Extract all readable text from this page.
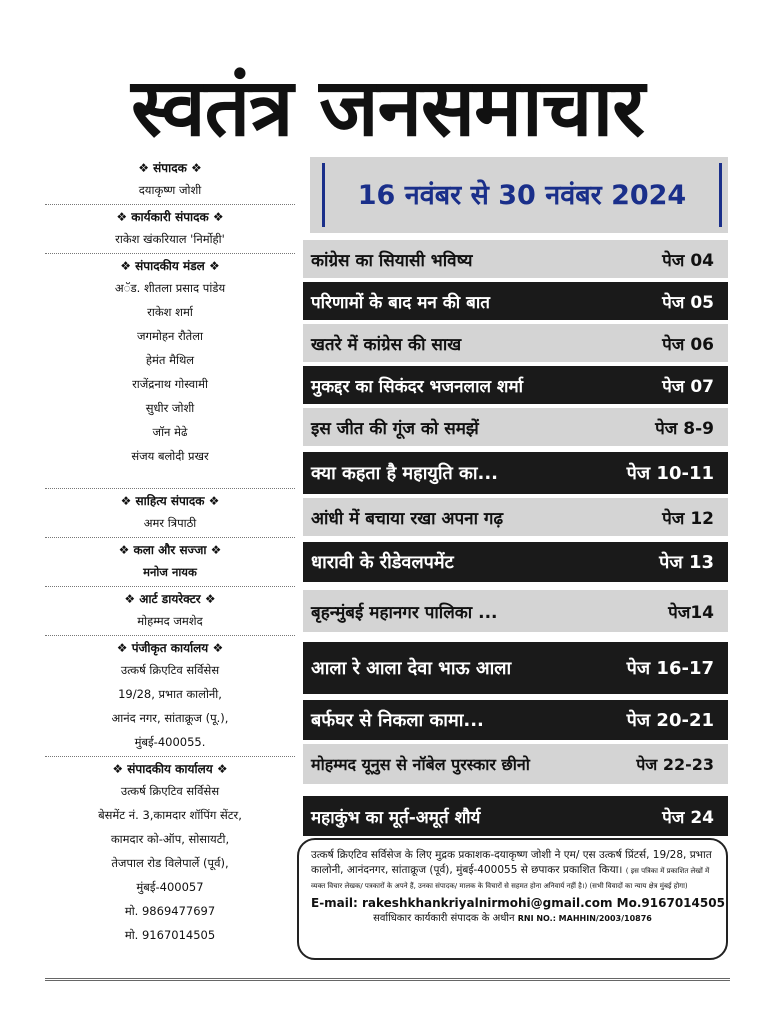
स्वतंत्र जनसमाचार
16 नवंबर से 30 नवंबर 2024
❖ संपादक ❖
दयाकृष्ण जोशी
❖ कार्यकारी संपादक ❖
राकेश खंकरियाल 'निर्मोही'
❖ संपादकीय मंडल ❖
अॅड. शीतला प्रसाद पांडेय
राकेश शर्मा
जगमोहन रौतेला
हेमंत मैथिल
राजेंद्रनाथ गोस्वामी
सुधीर जोशी
जॉन मेढे
संजय बलोदी प्रखर
❖ साहित्य संपादक ❖
अमर त्रिपाठी
❖ कला और सज्जा ❖
मनोज नायक
❖ आर्ट डायरेक्टर ❖
मोहम्मद जमशेद
❖ पंजीकृत कार्यालय ❖
उत्कर्ष क्रिएटिव सर्विसेस
19/28, प्रभात कालोनी,
आनंद नगर, सांताक्रूज (पू.),
मुंबई-400055.
❖ संपादकीय कार्यालय ❖
उत्कर्ष क्रिएटिव सर्विसेस
बेसमेंट नं. 3,कामदार शॉपिंग सेंटर,
कामदार को-ऑप, सोसायटी,
तेजपाल रोड विलेपार्ले (पूर्व),
मुंबई-400057
मो. 9869477697
मो. 9167014505
कांग्रेस का सियासी भविष्य	पेज 04
परिणामों के बाद मन की बात	पेज 05
खतरे में कांग्रेस की साख	पेज 06
मुकद्दर का सिकंदर भजनलाल शर्मा	पेज 07
इस जीत की गूंज को समझें	पेज 8-9
क्या कहता है महायुति का...	पेज 10-11
आंधी में बचाया रखा अपना गढ़	पेज 12
धारावी के रीडेवलपमेंट	पेज 13
बृहन्मुंबई महानगर पालिका ...	पेज14
आला रे आला देवा भाऊ आला	पेज 16-17
बर्फघर से निकला कामा...	पेज 20-21
मोहम्मद यूनुस से नॉबेल पुरस्कार छीनो	पेज 22-23
महाकुंभ का मूर्त-अमूर्त शौर्य	पेज 24
उत्कर्ष क्रिएटिव सर्विसेज के लिए मुद्रक प्रकाशक-दयाकृष्ण जोशी ने एम/ एस उत्कर्ष प्रिंटर्स, 19/28, प्रभात कालोनी, आनंदनगर, सांताक्रूज (पूर्व), मुंबई-400055 से छपाकर प्रकाशित किया। ( इस पत्रिका में प्रकाशित लेखों में व्यक्त विचार लेखक/ पत्रकारों के अपने हैं, उनका संपादक/ मालक के विचारों से सहमत होना अनिवार्य नहीं है।) (सभी विवादों का न्याय क्षेत्र मुंबई होगा)
E-mail: rakeshkhankriyalnirmohi@gmail.com Mo.9167014505
सर्वाधिकार कार्यकारी संपादक के अधीन RNI NO.: MAHHIN/2003/10876
